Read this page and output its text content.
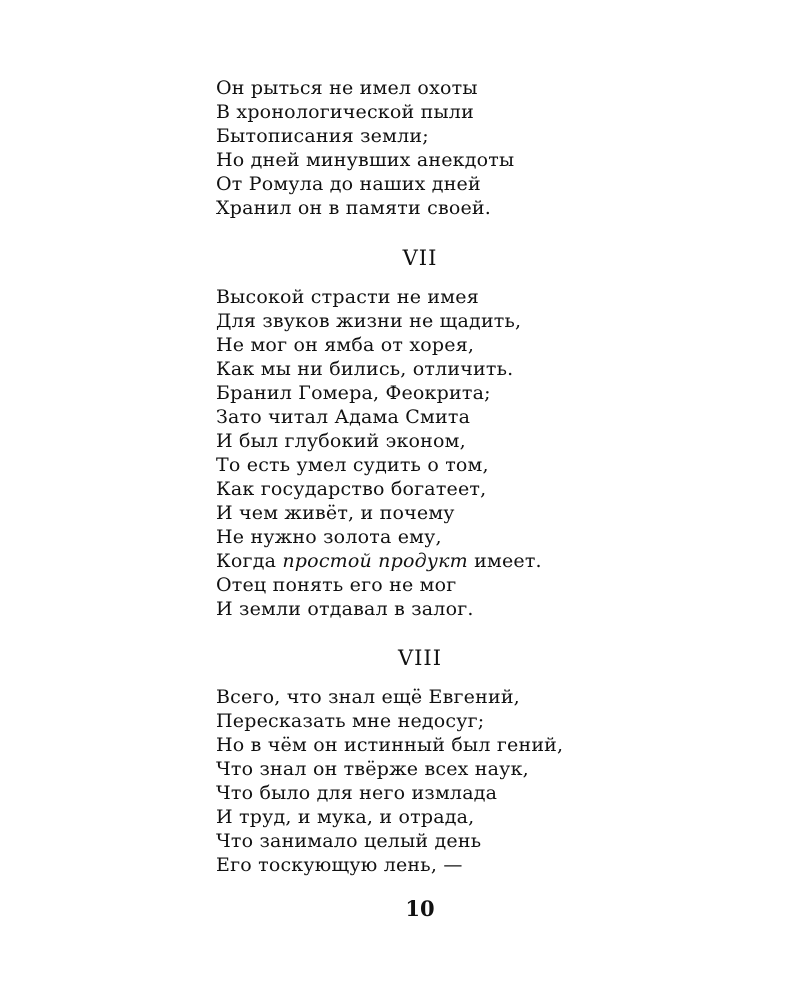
Он рыться не имел охоты
В хронологической пыли
Бытописания земли;
Но дней минувших анекдоты
От Ромула до наших дней
Хранил он в памяти своей.
VII
Высокой страсти не имея
Для звуков жизни не щадить,
Не мог он ямба от хорея,
Как мы ни бились, отличить.
Бранил Гомера, Феокрита;
Зато читал Адама Смита
И был глубокий эконом,
То есть умел судить о том,
Как государство богатеет,
И чем живёт, и почему
Не нужно золота ему,
Когда простой продукт имеет.
Отец понять его не мог
И земли отдавал в залог.
VIII
Всего, что знал ещё Евгений,
Пересказать мне недосуг;
Но в чём он истинный был гений,
Что знал он твёрже всех наук,
Что было для него измлада
И труд, и мука, и отрада,
Что занимало целый день
Его тоскующую лень, —
10
